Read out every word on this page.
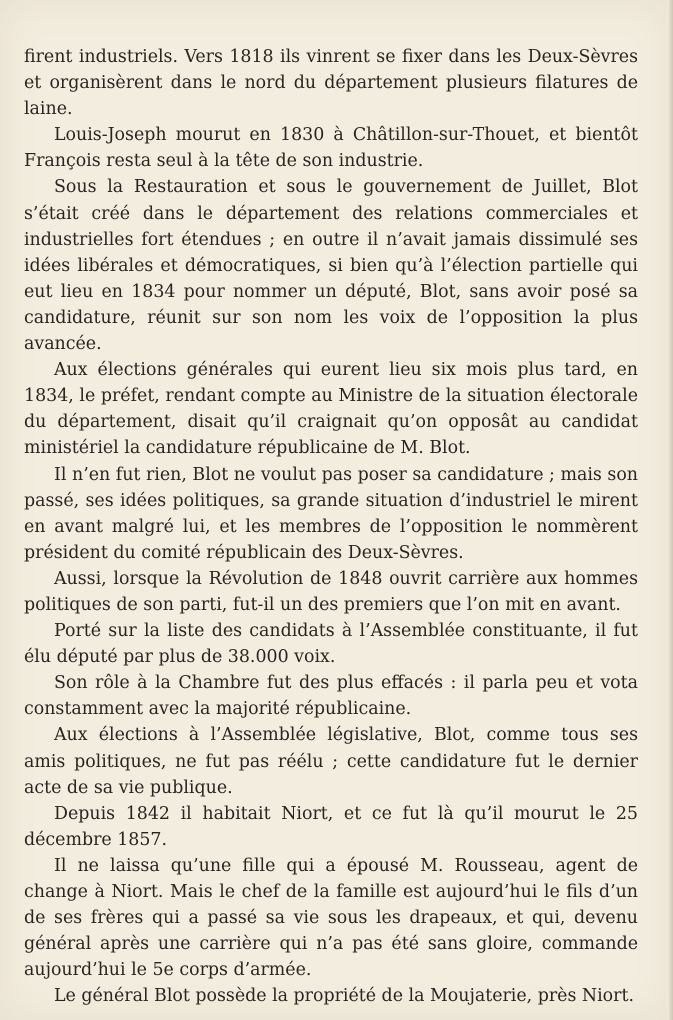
firent industriels. Vers 1818 ils vinrent se fixer dans les Deux-Sèvres et organisèrent dans le nord du département plusieurs filatures de laine.

Louis-Joseph mourut en 1830 à Châtillon-sur-Thouet, et bientôt François resta seul à la tête de son industrie.

Sous la Restauration et sous le gouvernement de Juillet, Blot s’était créé dans le département des relations commerciales et industrielles fort étendues ; en outre il n’avait jamais dissimulé ses idées libérales et démocratiques, si bien qu’à l’élection partielle qui eut lieu en 1834 pour nommer un député, Blot, sans avoir posé sa candidature, réunit sur son nom les voix de l’opposition la plus avancée.

Aux élections générales qui eurent lieu six mois plus tard, en 1834, le préfet, rendant compte au Ministre de la situation électorale du département, disait qu’il craignait qu’on opposât au candidat ministériel la candidature républicaine de M. Blot.

Il n’en fut rien, Blot ne voulut pas poser sa candidature ; mais son passé, ses idées politiques, sa grande situation d’industriel le mirent en avant malgré lui, et les membres de l’opposition le nommèrent président du comité républicain des Deux-Sèvres.

Aussi, lorsque la Révolution de 1848 ouvrit carrière aux hommes politiques de son parti, fut-il un des premiers que l’on mit en avant.

Porté sur la liste des candidats à l’Assemblée constituante, il fut élu député par plus de 38.000 voix.

Son rôle à la Chambre fut des plus effacés : il parla peu et vota constamment avec la majorité républicaine.

Aux élections à l’Assemblée législative, Blot, comme tous ses amis politiques, ne fut pas réélu ; cette candidature fut le dernier acte de sa vie publique.

Depuis 1842 il habitait Niort, et ce fut là qu’il mourut le 25 décembre 1857.

Il ne laissa qu’une fille qui a épousé M. Rousseau, agent de change à Niort. Mais le chef de la famille est aujourd’hui le fils d’un de ses frères qui a passé sa vie sous les drapeaux, et qui, devenu général après une carrière qui n’a pas été sans gloire, commande aujourd’hui le 5e corps d’armée.

Le général Blot possède la propriété de la Moujaterie, près Niort.
